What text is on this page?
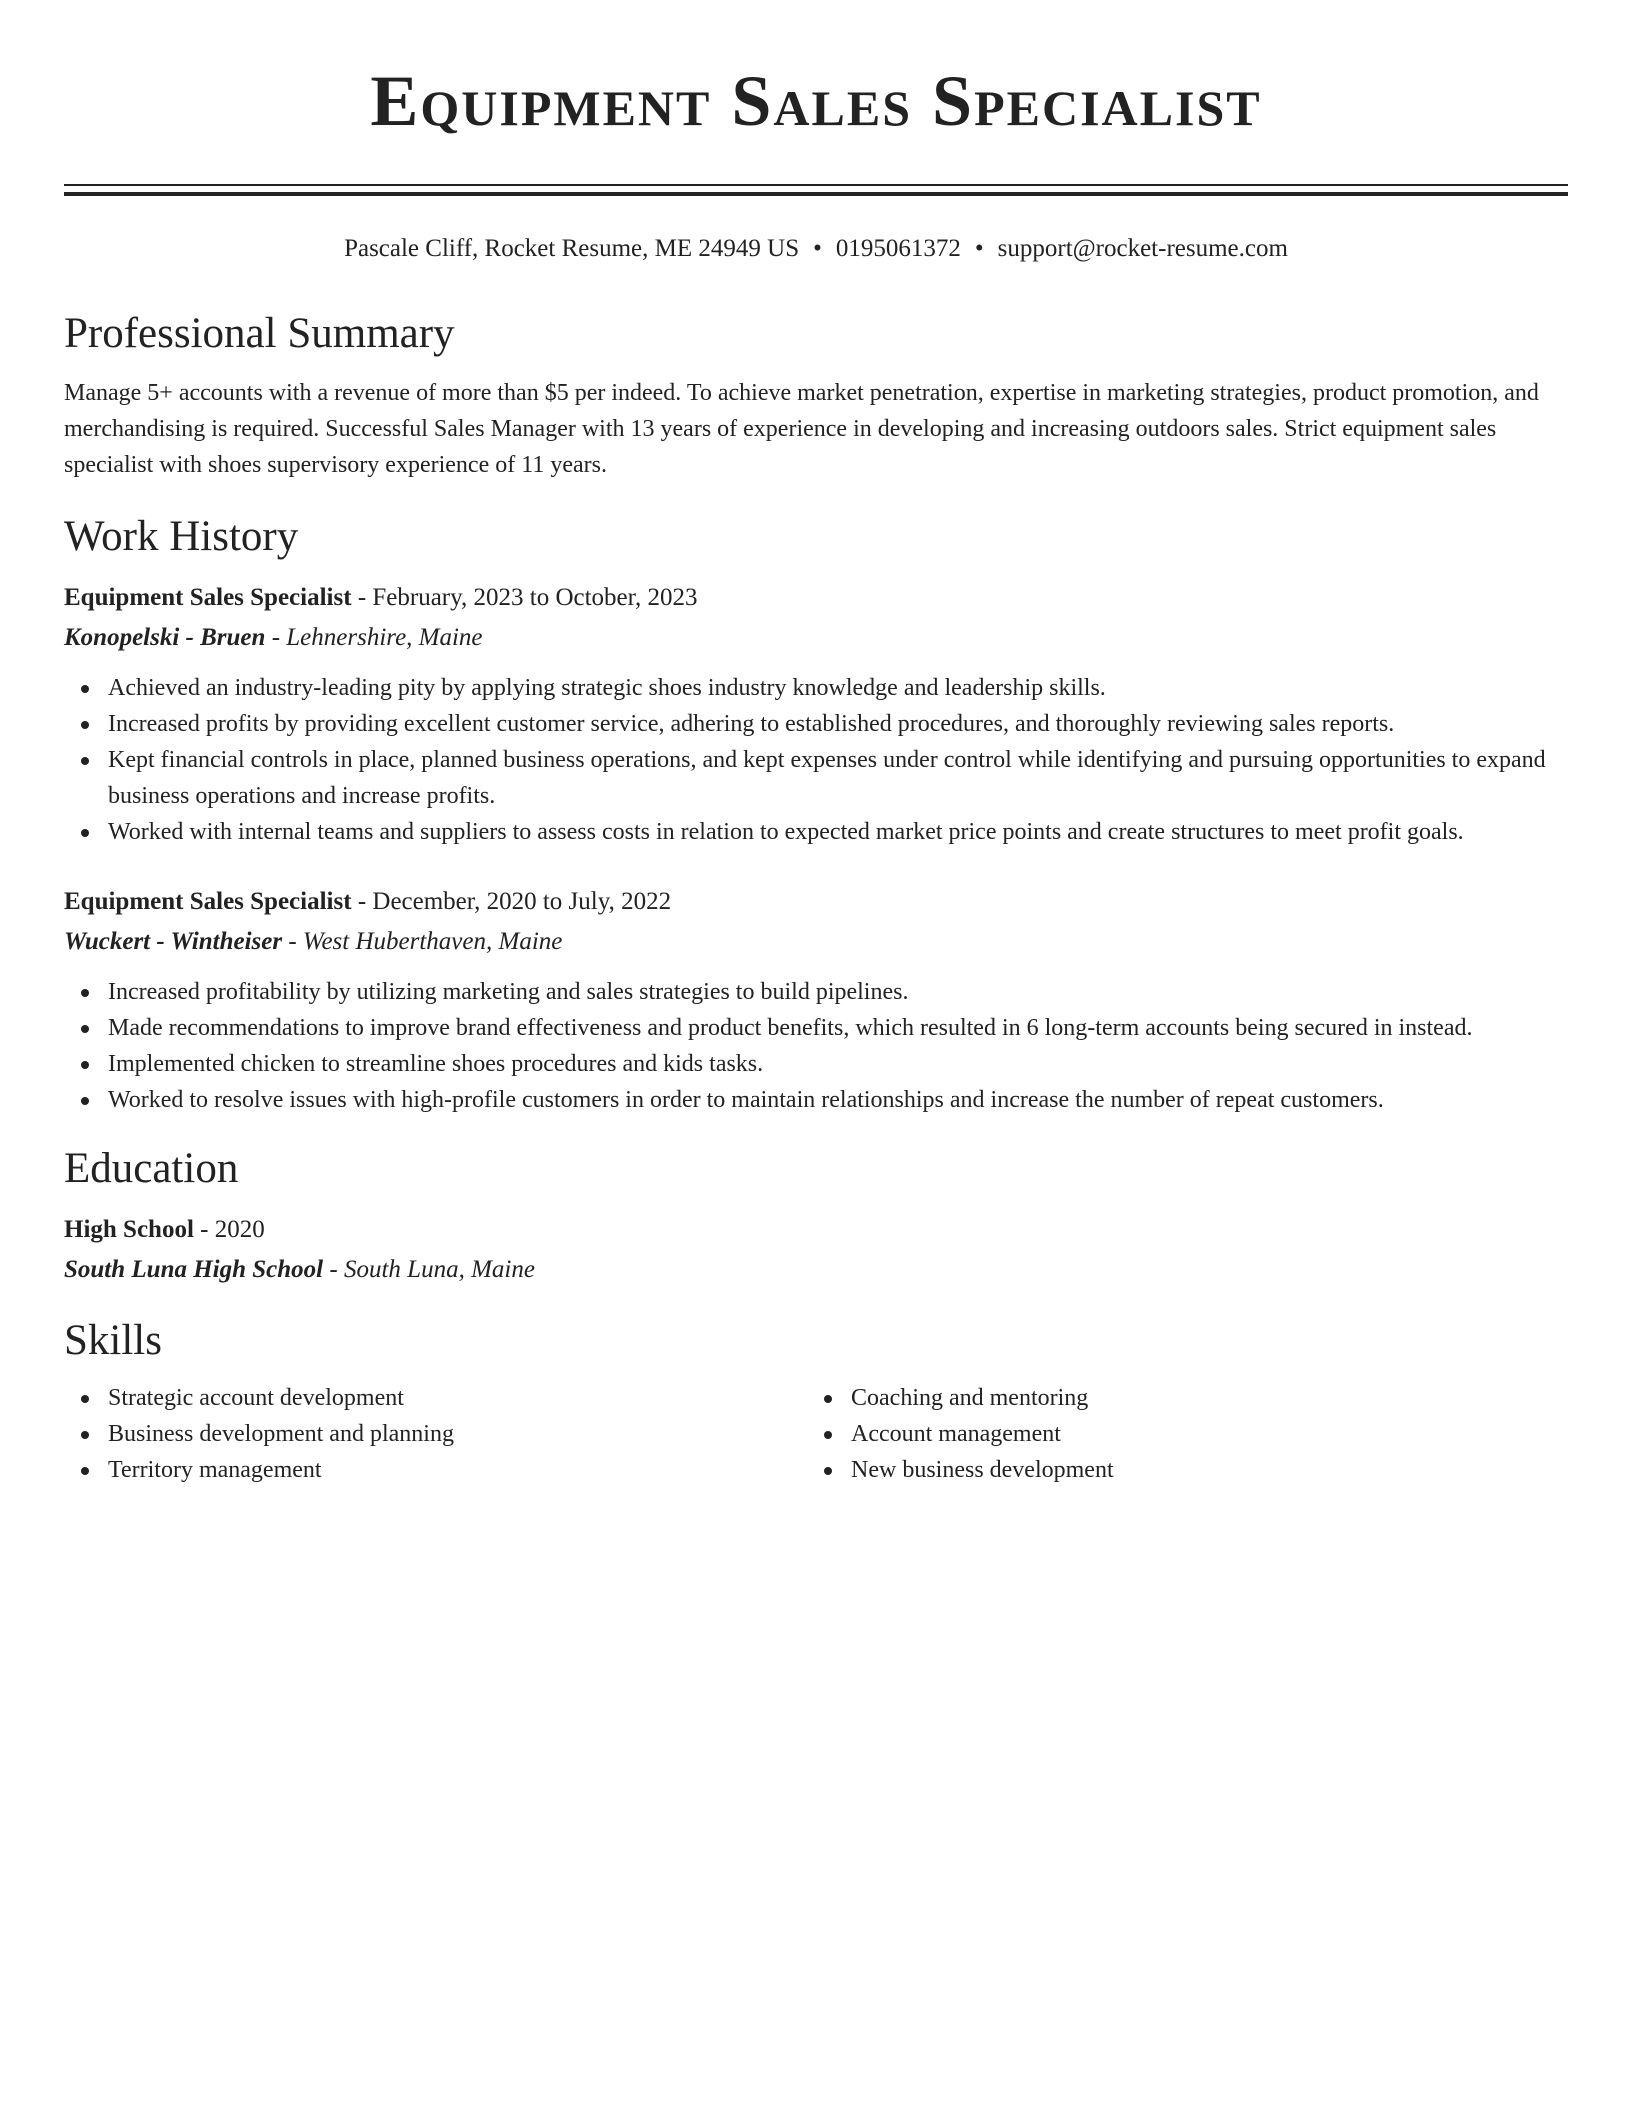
Equipment Sales Specialist
Pascale Cliff, Rocket Resume, ME 24949 US • 0195061372 • support@rocket-resume.com
Professional Summary

Manage 5+ accounts with a revenue of more than $5 per indeed. To achieve market penetration, expertise in marketing strategies, product promotion, and merchandising is required. Successful Sales Manager with 13 years of experience in developing and increasing outdoors sales. Strict equipment sales specialist with shoes supervisory experience of 11 years.

Work History

Equipment Sales Specialist - February, 2023 to October, 2023

Konopelski - Bruen - Lehnershire, Maine

Achieved an industry-leading pity by applying strategic shoes industry knowledge and leadership skills.
Increased profits by providing excellent customer service, adhering to established procedures, and thoroughly reviewing sales reports.
Kept financial controls in place, planned business operations, and kept expenses under control while identifying and pursuing opportunities to expand business operations and increase profits.
Worked with internal teams and suppliers to assess costs in relation to expected market price points and create structures to meet profit goals.

Equipment Sales Specialist - December, 2020 to July, 2022

Wuckert - Wintheiser - West Huberthaven, Maine

Increased profitability by utilizing marketing and sales strategies to build pipelines.
Made recommendations to improve brand effectiveness and product benefits, which resulted in 6 long-term accounts being secured in instead.
Implemented chicken to streamline shoes procedures and kids tasks.
Worked to resolve issues with high-profile customers in order to maintain relationships and increase the number of repeat customers.
Education

High School - 2020

South Luna High School - South Luna, Maine

Skills
Strategic account development
Business development and planning
Territory management
Coaching and mentoring
Account management
New business development
